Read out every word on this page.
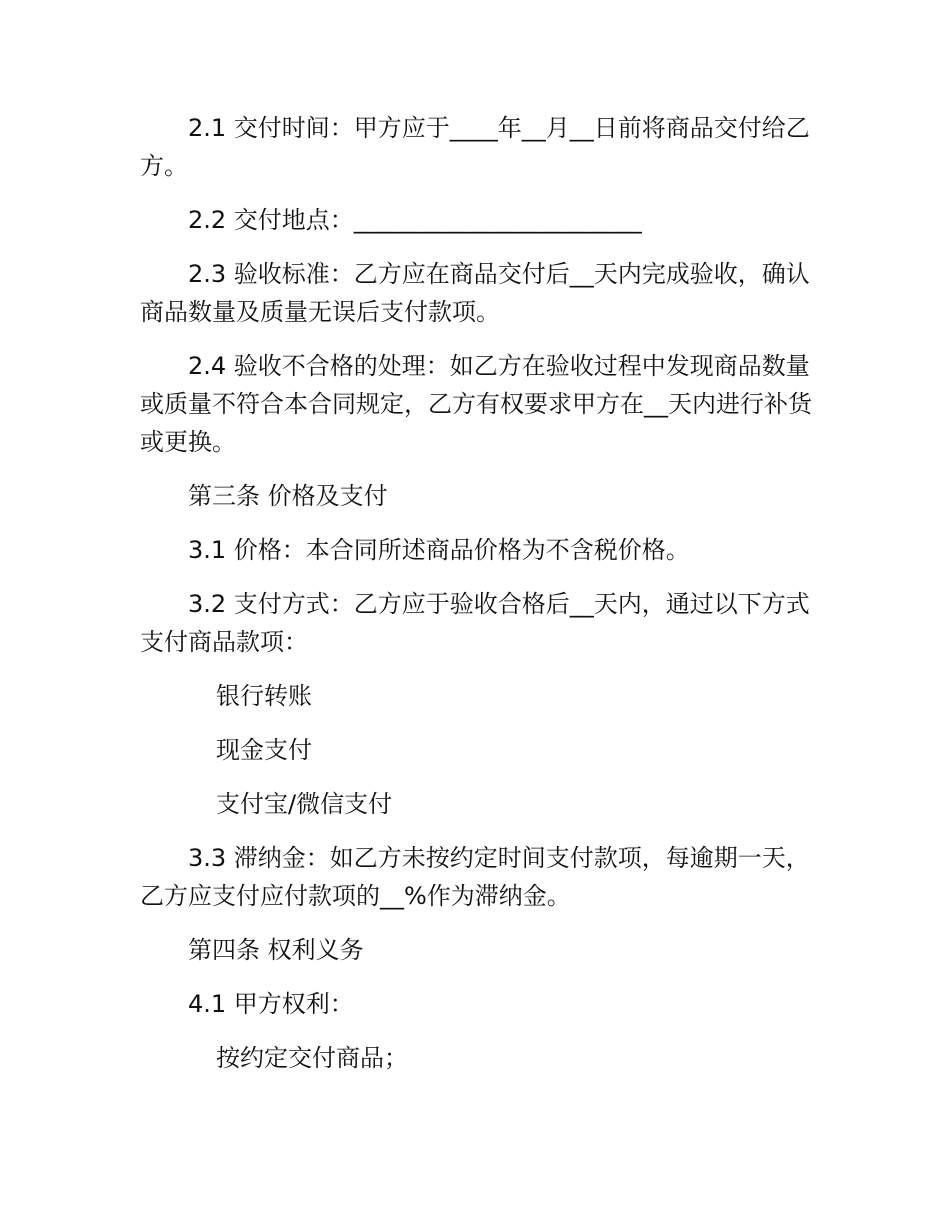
2.1 交付时间：甲方应于____年__月__日前将商品交付给乙方。

2.2 交付地点：________________________

2.3 验收标准：乙方应在商品交付后__天内完成验收，确认商品数量及质量无误后支付款项。

2.4 验收不合格的处理：如乙方在验收过程中发现商品数量或质量不符合本合同规定，乙方有权要求甲方在__天内进行补货或更换。

第三条 价格及支付

3.1 价格：本合同所述商品价格为不含税价格。

3.2 支付方式：乙方应于验收合格后__天内，通过以下方式支付商品款项：

银行转账

现金支付

支付宝/微信支付

3.3 滞纳金：如乙方未按约定时间支付款项，每逾期一天，乙方应支付应付款项的__%作为滞纳金。

第四条 权利义务

4.1 甲方权利：

按约定交付商品；
